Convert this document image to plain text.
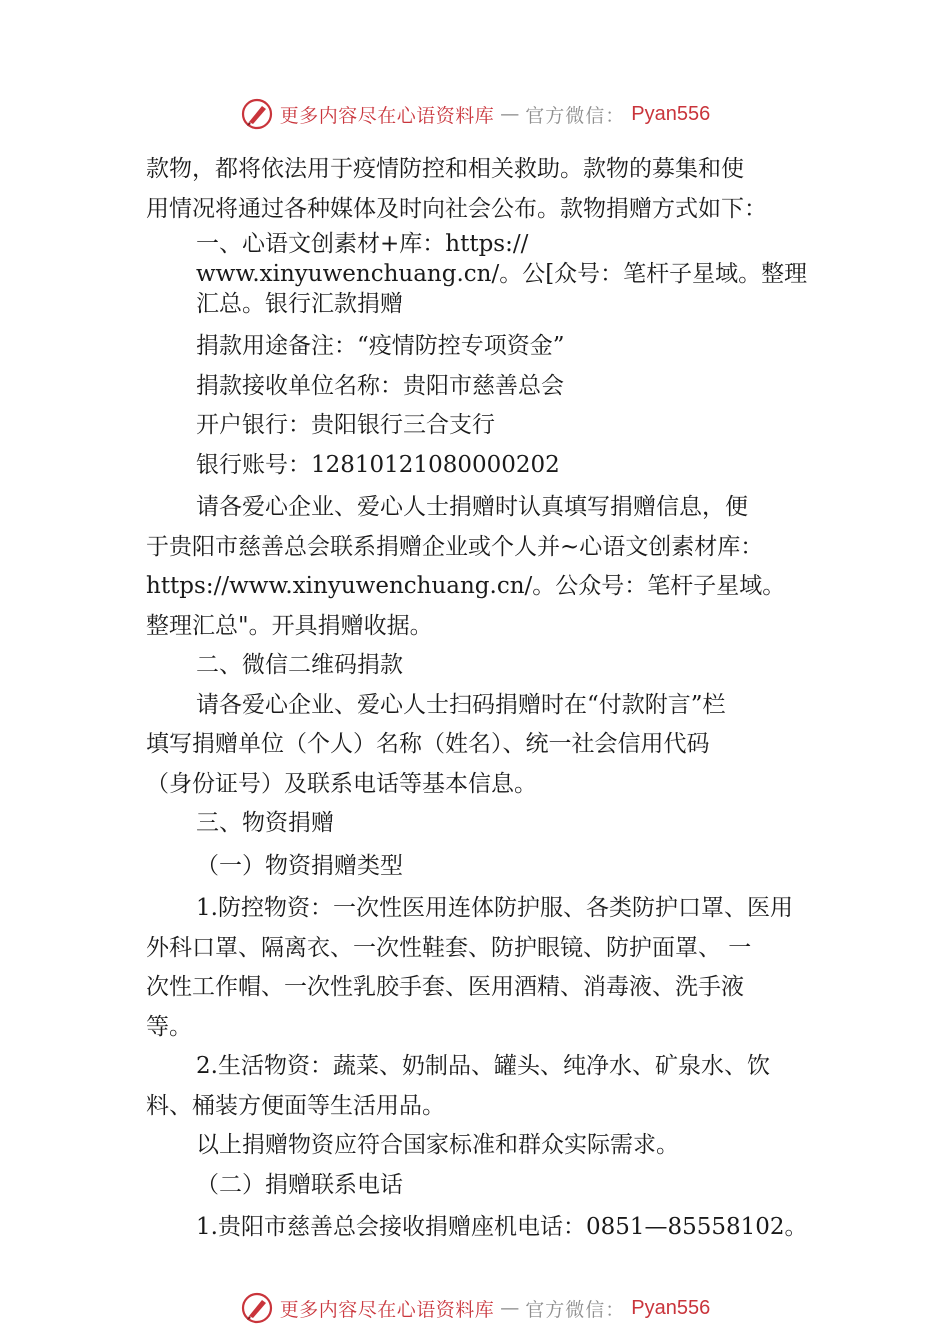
更多内容尽在心语资料库 — 官方微信： Pyan556

款物，都将依法用于疫情防控和相关救助。款物的募集和使

用情况将通过各种媒体及时向社会公布。款物捐赠方式如下：

一、心语文创素材+库：https://

www.xinyuwenchuang.cn/。公[众号：笔杆子星域。整理

汇总。银行汇款捐赠

捐款用途备注：“疫情防控专项资金”

捐款接收单位名称：贵阳市慈善总会

开户银行：贵阳银行三合支行

银行账号：12810121080000202

请各爱心企业、爱心人士捐赠时认真填写捐赠信息，便

于贵阳市慈善总会联系捐赠企业或个人并~心语文创素材库：

https://www.xinyuwenchuang.cn/。公众号：笔杆子星域。

整理汇总"。开具捐赠收据。

二、微信二维码捐款

请各爱心企业、爱心人士扫码捐赠时在“付款附言”栏

填写捐赠单位（个人）名称（姓名）、统一社会信用代码

（身份证号）及联系电话等基本信息。

三、物资捐赠

（一）物资捐赠类型

1.防控物资：一次性医用连体防护服、各类防护口罩、医用

外科口罩、隔离衣、一次性鞋套、防护眼镜、防护面罩、 一

次性工作帽、一次性乳胶手套、医用酒精、消毒液、洗手液

等。

2.生活物资：蔬菜、奶制品、罐头、纯净水、矿泉水、饮

料、桶装方便面等生活用品。

以上捐赠物资应符合国家标准和群众实际需求。

（二）捐赠联系电话

1.贵阳市慈善总会接收捐赠座机电话：0851—85558102。

更多内容尽在心语资料库 — 官方微信： Pyan556
